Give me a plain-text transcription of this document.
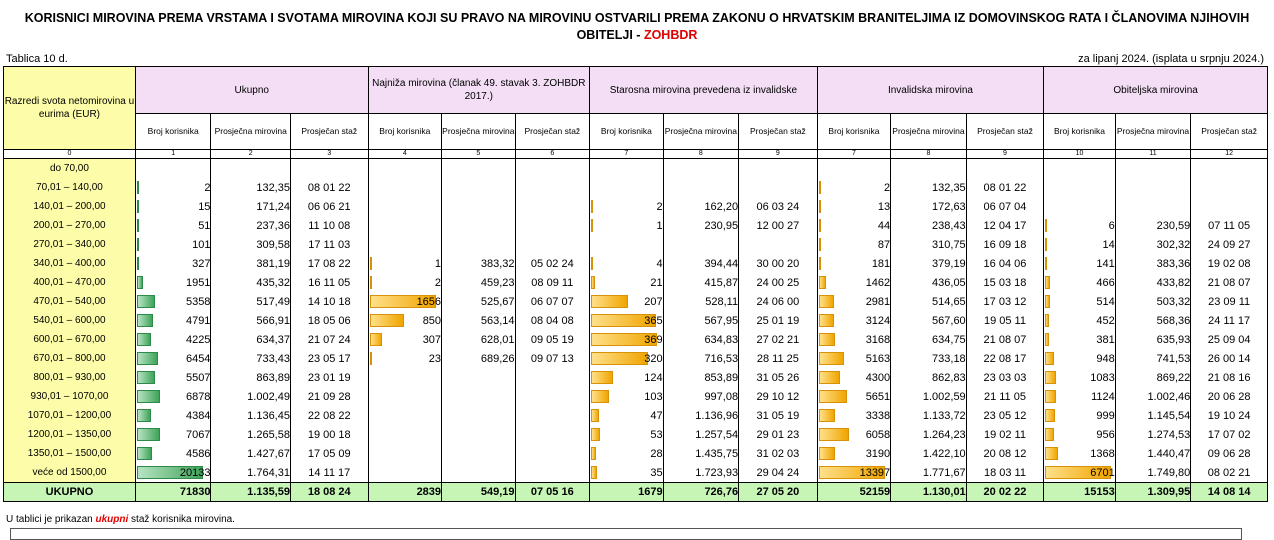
KORISNICI MIROVINA PREMA VRSTAMA I SVOTAMA MIROVINA KOJI SU PRAVO NA MIROVINU OSTVARILI PREMA ZAKONU O HRVATSKIM BRANITELJIMA IZ DOMOVINSKOG RATA I ČLANOVIMA NJIHOVIH
OBITELJI - ZOHBDR
Tablica 10 d.	za lipanj 2024. (isplata u srpnju 2024.)
Razredi svota netomirovina u eurima (EUR)	Ukupno			Najniža mirovina (članak 49. stavak 3. ZOHBDR 2017.)			Starosna mirovina prevedena iz invalidske			Invalidska mirovina			Obiteljska mirovina		
	Broj korisnika	Prosječna mirovina	Prosječan staž	Broj korisnika	Prosječna mirovina	Prosječan staž	Broj korisnika	Prosječna mirovina	Prosječan staž	Broj korisnika	Prosječna mirovina	Prosječan staž	Broj korisnika	Prosječna mirovina	Prosječan staž
0	1	2	3	4	5	6	7	8	9	7	8	9	10	11	12
do 70,00															
70,01 – 140,00	2	132,35	08 01 22							2	132,35	08 01 22			
140,01 – 200,00	15	171,24	06 06 21				2	162,20	06 03 24	13	172,63	06 07 04			
200,01 – 270,00	51	237,36	11 10 08				1	230,95	12 00 27	44	238,43	12 04 17	6	230,59	07 11 05
270,01 – 340,00	101	309,58	17 11 03							87	310,75	16 09 18	14	302,32	24 09 27
340,01 – 400,00	327	381,19	17 08 22	1	383,32	05 02 24	4	394,44	30 00 20	181	379,19	16 04 06	141	383,36	19 02 08
400,01 – 470,00	1951	435,32	16 11 05	2	459,23	08 09 11	21	415,87	24 00 25	1462	436,05	15 03 18	466	433,82	21 08 07
470,01 – 540,00	5358	517,49	14 10 18	1656	525,67	06 07 07	207	528,11	24 06 00	2981	514,65	17 03 12	514	503,32	23 09 11
540,01 – 600,00	4791	566,91	18 05 06	850	563,14	08 04 08	365	567,95	25 01 19	3124	567,60	19 05 11	452	568,36	24 11 17
600,01 – 670,00	4225	634,37	21 07 24	307	628,01	09 05 19	369	634,83	27 02 21	3168	634,75	21 08 07	381	635,93	25 09 04
670,01 – 800,00	6454	733,43	23 05 17	23	689,26	09 07 13	320	716,53	28 11 25	5163	733,18	22 08 17	948	741,53	26 00 14
800,01 – 930,00	5507	863,89	23 01 19				124	853,89	31 05 26	4300	862,83	23 03 03	1083	869,22	21 08 16
930,01 – 1070,00	6878	1.002,49	21 09 28				103	997,08	29 10 12	5651	1.002,59	21 11 05	1124	1.002,46	20 06 28
1070,01 – 1200,00	4384	1.136,45	22 08 22				47	1.136,96	31 05 19	3338	1.133,72	23 05 12	999	1.145,54	19 10 24
1200,01 – 1350,00	7067	1.265,58	19 00 18				53	1.257,54	29 01 23	6058	1.264,23	19 02 11	956	1.274,53	17 07 02
1350,01 – 1500,00	4586	1.427,67	17 05 09				28	1.435,75	31 02 03	3190	1.422,10	20 08 12	1368	1.440,47	09 06 28
veće od 1500,00	20133	1.764,31	14 11 17				35	1.723,93	29 04 24	13397	1.771,67	18 03 11	6701	1.749,80	08 02 21
UKUPNO	71830	1.135,59	18 08 24	2839	549,19	07 05 16	1679	726,76	27 05 20	52159	1.130,01	20 02 22	15153	1.309,95	14 08 14
U tablici je prikazan ukupni staž korisnika mirovina.
